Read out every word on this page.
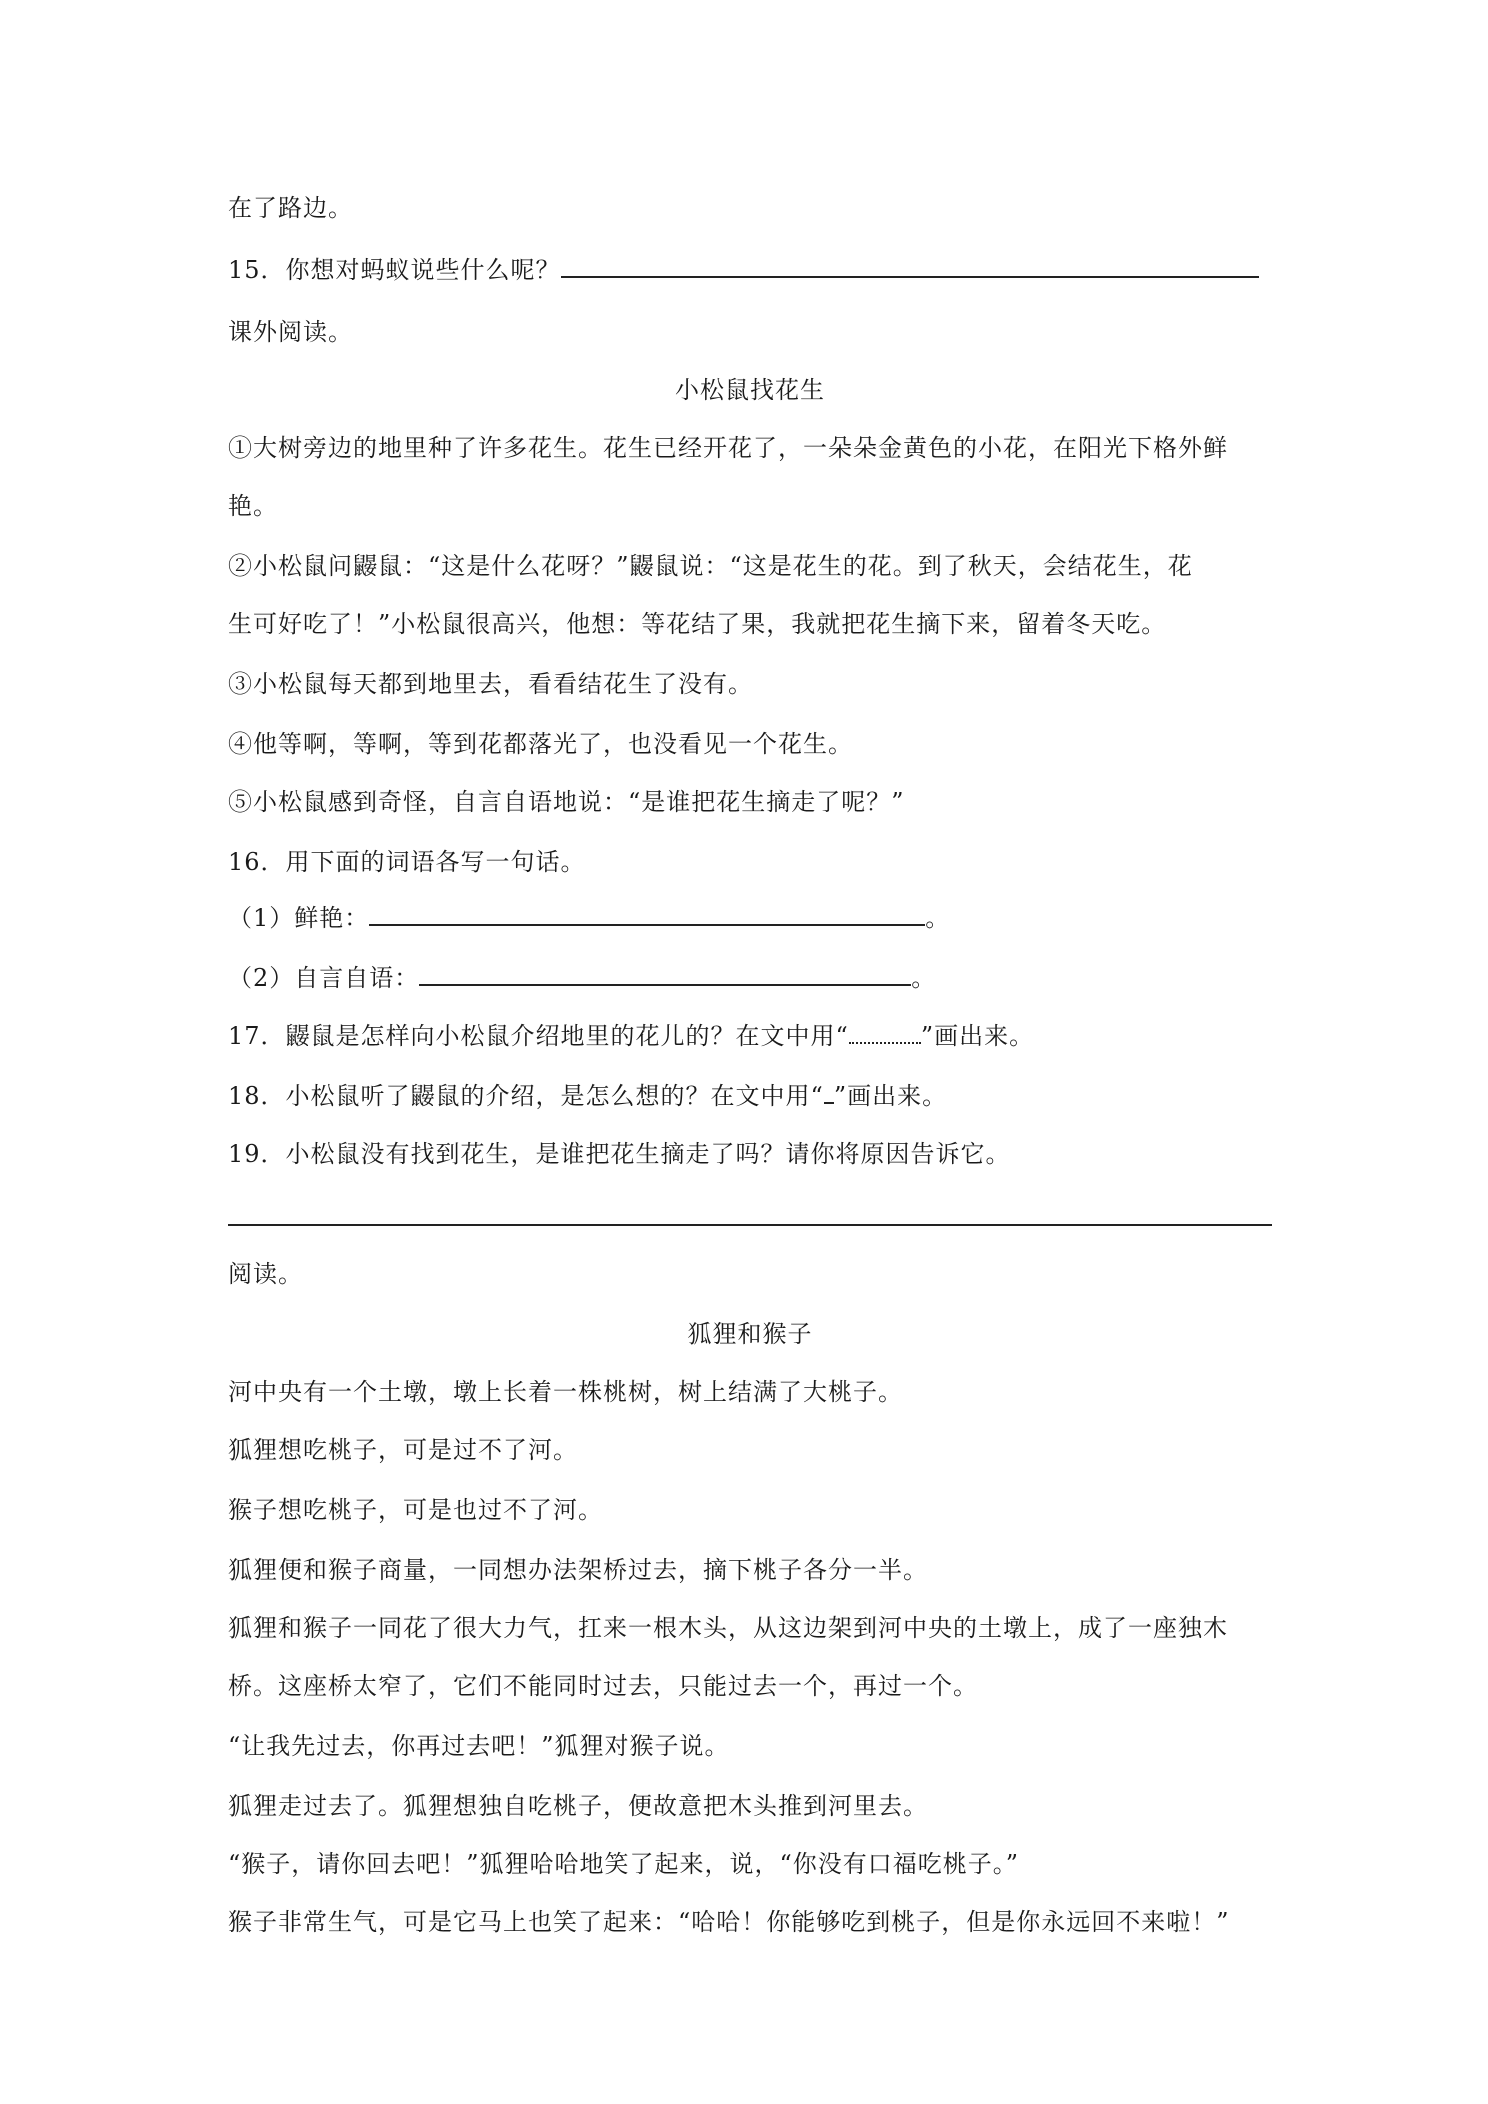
在了路边。
15．你想对蚂蚁说些什么呢？
课外阅读。
小松鼠找花生
①大树旁边的地里种了许多花生。花生已经开花了，一朵朵金黄色的小花，在阳光下格外鲜
艳。
②小松鼠问鼹鼠：“这是什么花呀？”鼹鼠说：“这是花生的花。到了秋天，会结花生，花
生可好吃了！”小松鼠很高兴，他想：等花结了果，我就把花生摘下来，留着冬天吃。
③小松鼠每天都到地里去，看看结花生了没有。
④他等啊，等啊，等到花都落光了，也没看见一个花生。
⑤小松鼠感到奇怪，自言自语地说：“是谁把花生摘走了呢？”
16．用下面的词语各写一句话。
（1）鲜艳：	。
（2）自言自语：	。
17．鼹鼠是怎样向小松鼠介绍地里的花儿的？在文中用“	”画出来。
18．小松鼠听了鼹鼠的介绍，是怎么想的？在文中用“ ”画出来。
19．小松鼠没有找到花生，是谁把花生摘走了吗？请你将原因告诉它。
阅读。
狐狸和猴子
河中央有一个土墩，墩上长着一株桃树，树上结满了大桃子。
狐狸想吃桃子，可是过不了河。
猴子想吃桃子，可是也过不了河。
狐狸便和猴子商量，一同想办法架桥过去，摘下桃子各分一半。
狐狸和猴子一同花了很大力气，扛来一根木头，从这边架到河中央的土墩上，成了一座独木
桥。这座桥太窄了，它们不能同时过去，只能过去一个，再过一个。
“让我先过去，你再过去吧！”狐狸对猴子说。
狐狸走过去了。狐狸想独自吃桃子，便故意把木头推到河里去。
“猴子，请你回去吧！”狐狸哈哈地笑了起来，说，“你没有口福吃桃子。”
猴子非常生气，可是它马上也笑了起来：“哈哈！你能够吃到桃子，但是你永远回不来啦！”
